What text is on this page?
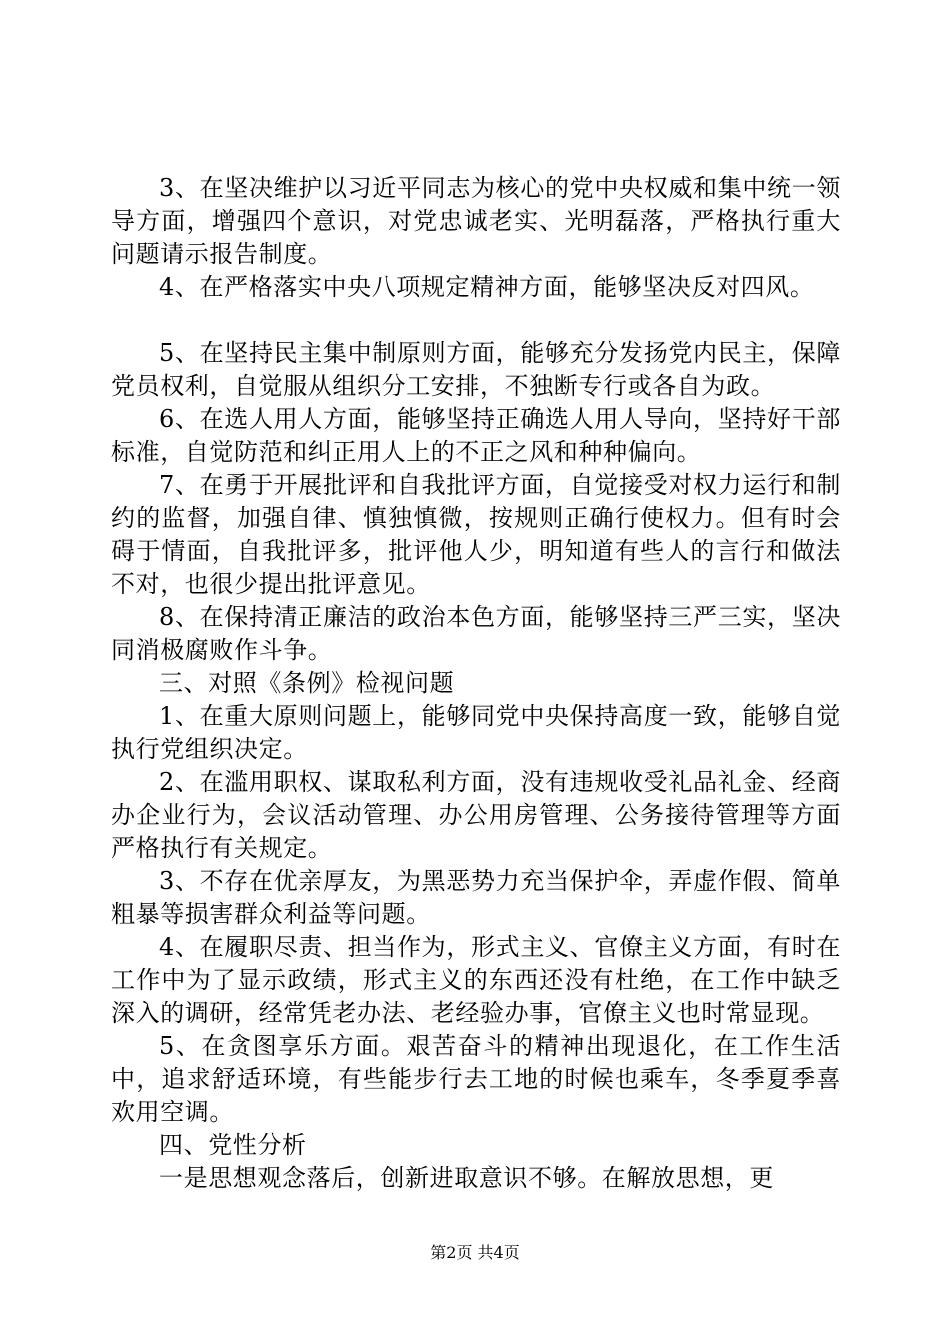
3、在坚决维护以习近平同志为核心的党中央权威和集中统一领导方面，增强四个意识，对党忠诚老实、光明磊落，严格执行重大问题请示报告制度。

4、在严格落实中央八项规定精神方面，能够坚决反对四风。

5、在坚持民主集中制原则方面，能够充分发扬党内民主，保障党员权利，自觉服从组织分工安排，不独断专行或各自为政。

6、在选人用人方面，能够坚持正确选人用人导向，坚持好干部标准，自觉防范和纠正用人上的不正之风和种种偏向。

7、在勇于开展批评和自我批评方面，自觉接受对权力运行和制约的监督，加强自律、慎独慎微，按规则正确行使权力。但有时会碍于情面，自我批评多，批评他人少，明知道有些人的言行和做法不对，也很少提出批评意见。

8、在保持清正廉洁的政治本色方面，能够坚持三严三实，坚决同消极腐败作斗争。

三、对照《条例》检视问题

1、在重大原则问题上，能够同党中央保持高度一致，能够自觉执行党组织决定。

2、在滥用职权、谋取私利方面，没有违规收受礼品礼金、经商办企业行为，会议活动管理、办公用房管理、公务接待管理等方面严格执行有关规定。

3、不存在优亲厚友，为黑恶势力充当保护伞，弄虚作假、简单粗暴等损害群众利益等问题。

4、在履职尽责、担当作为，形式主义、官僚主义方面，有时在工作中为了显示政绩，形式主义的东西还没有杜绝，在工作中缺乏深入的调研，经常凭老办法、老经验办事，官僚主义也时常显现。

5、在贪图享乐方面。艰苦奋斗的精神出现退化，在工作生活中，追求舒适环境，有些能步行去工地的时候也乘车，冬季夏季喜欢用空调。

四、党性分析

一是思想观念落后，创新进取意识不够。在解放思想，更

第2页 共4页
